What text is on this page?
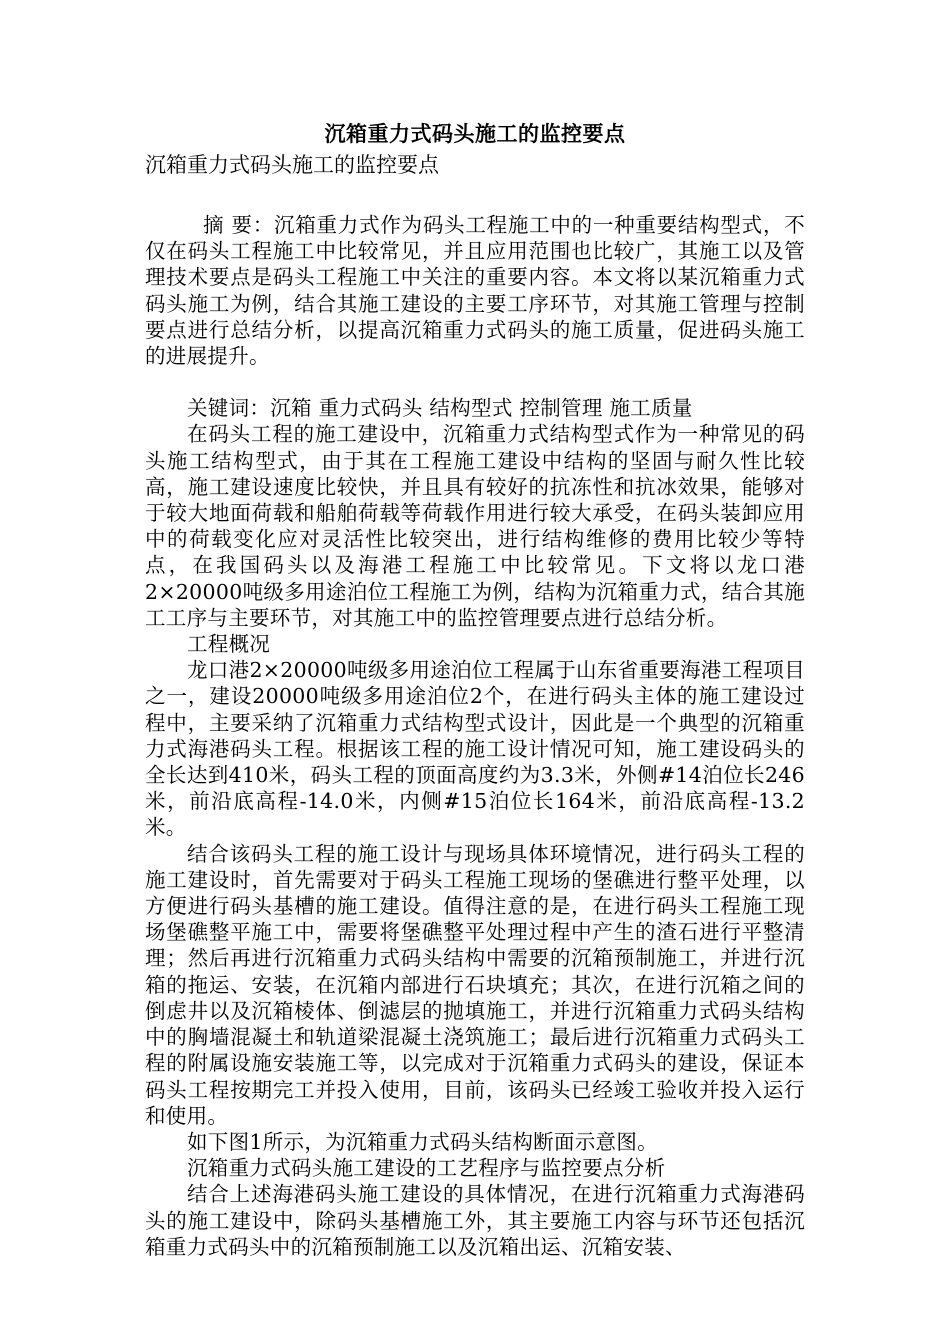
沉箱重力式码头施工的监控要点

沉箱重力式码头施工的监控要点

摘 要：沉箱重力式作为码头工程施工中的一种重要结构型式，不仅在码头工程施工中比较常见，并且应用范围也比较广，其施工以及管理技术要点是码头工程施工中关注的重要内容。本文将以某沉箱重力式码头施工为例，结合其施工建设的主要工序环节，对其施工管理与控制要点进行总结分析，以提高沉箱重力式码头的施工质量，促进码头施工的进展提升。

关键词：沉箱 重力式码头 结构型式 控制管理 施工质量

在码头工程的施工建设中，沉箱重力式结构型式作为一种常见的码头施工结构型式，由于其在工程施工建设中结构的坚固与耐久性比较高，施工建设速度比较快，并且具有较好的抗冻性和抗冰效果，能够对于较大地面荷载和船舶荷载等荷载作用进行较大承受，在码头装卸应用中的荷载变化应对灵活性比较突出，进行结构维修的费用比较少等特点，在我国码头以及海港工程施工中比较常见。下文将以龙口港2×20000吨级多用途泊位工程施工为例，结构为沉箱重力式，结合其施工工序与主要环节，对其施工中的监控管理要点进行总结分析。

工程概况

龙口港2×20000吨级多用途泊位工程属于山东省重要海港工程项目之一，建设20000吨级多用途泊位2个，在进行码头主体的施工建设过程中，主要采纳了沉箱重力式结构型式设计，因此是一个典型的沉箱重力式海港码头工程。根据该工程的施工设计情况可知，施工建设码头的全长达到410米，码头工程的顶面高度约为3.3米，外侧#14泊位长246米，前沿底高程-14.0米，内侧#15泊位长164米，前沿底高程-13.2米。

结合该码头工程的施工设计与现场具体环境情况，进行码头工程的施工建设时，首先需要对于码头工程施工现场的堡礁进行整平处理，以方便进行码头基槽的施工建设。值得注意的是，在进行码头工程施工现场堡礁整平施工中，需要将堡礁整平处理过程中产生的渣石进行平整清理；然后再进行沉箱重力式码头结构中需要的沉箱预制施工，并进行沉箱的拖运、安装，在沉箱内部进行石块填充；其次，在进行沉箱之间的倒虑井以及沉箱棱体、倒滤层的抛填施工，并进行沉箱重力式码头结构中的胸墙混凝土和轨道梁混凝土浇筑施工；最后进行沉箱重力式码头工程的附属设施安装施工等，以完成对于沉箱重力式码头的建设，保证本码头工程按期完工并投入使用，目前，该码头已经竣工验收并投入运行和使用。

如下图1所示，为沉箱重力式码头结构断面示意图。

沉箱重力式码头施工建设的工艺程序与监控要点分析

结合上述海港码头施工建设的具体情况，在进行沉箱重力式海港码头的施工建设中，除码头基槽施工外，其主要施工内容与环节还包括沉箱重力式码头中的沉箱预制施工以及沉箱出运、沉箱安装、
